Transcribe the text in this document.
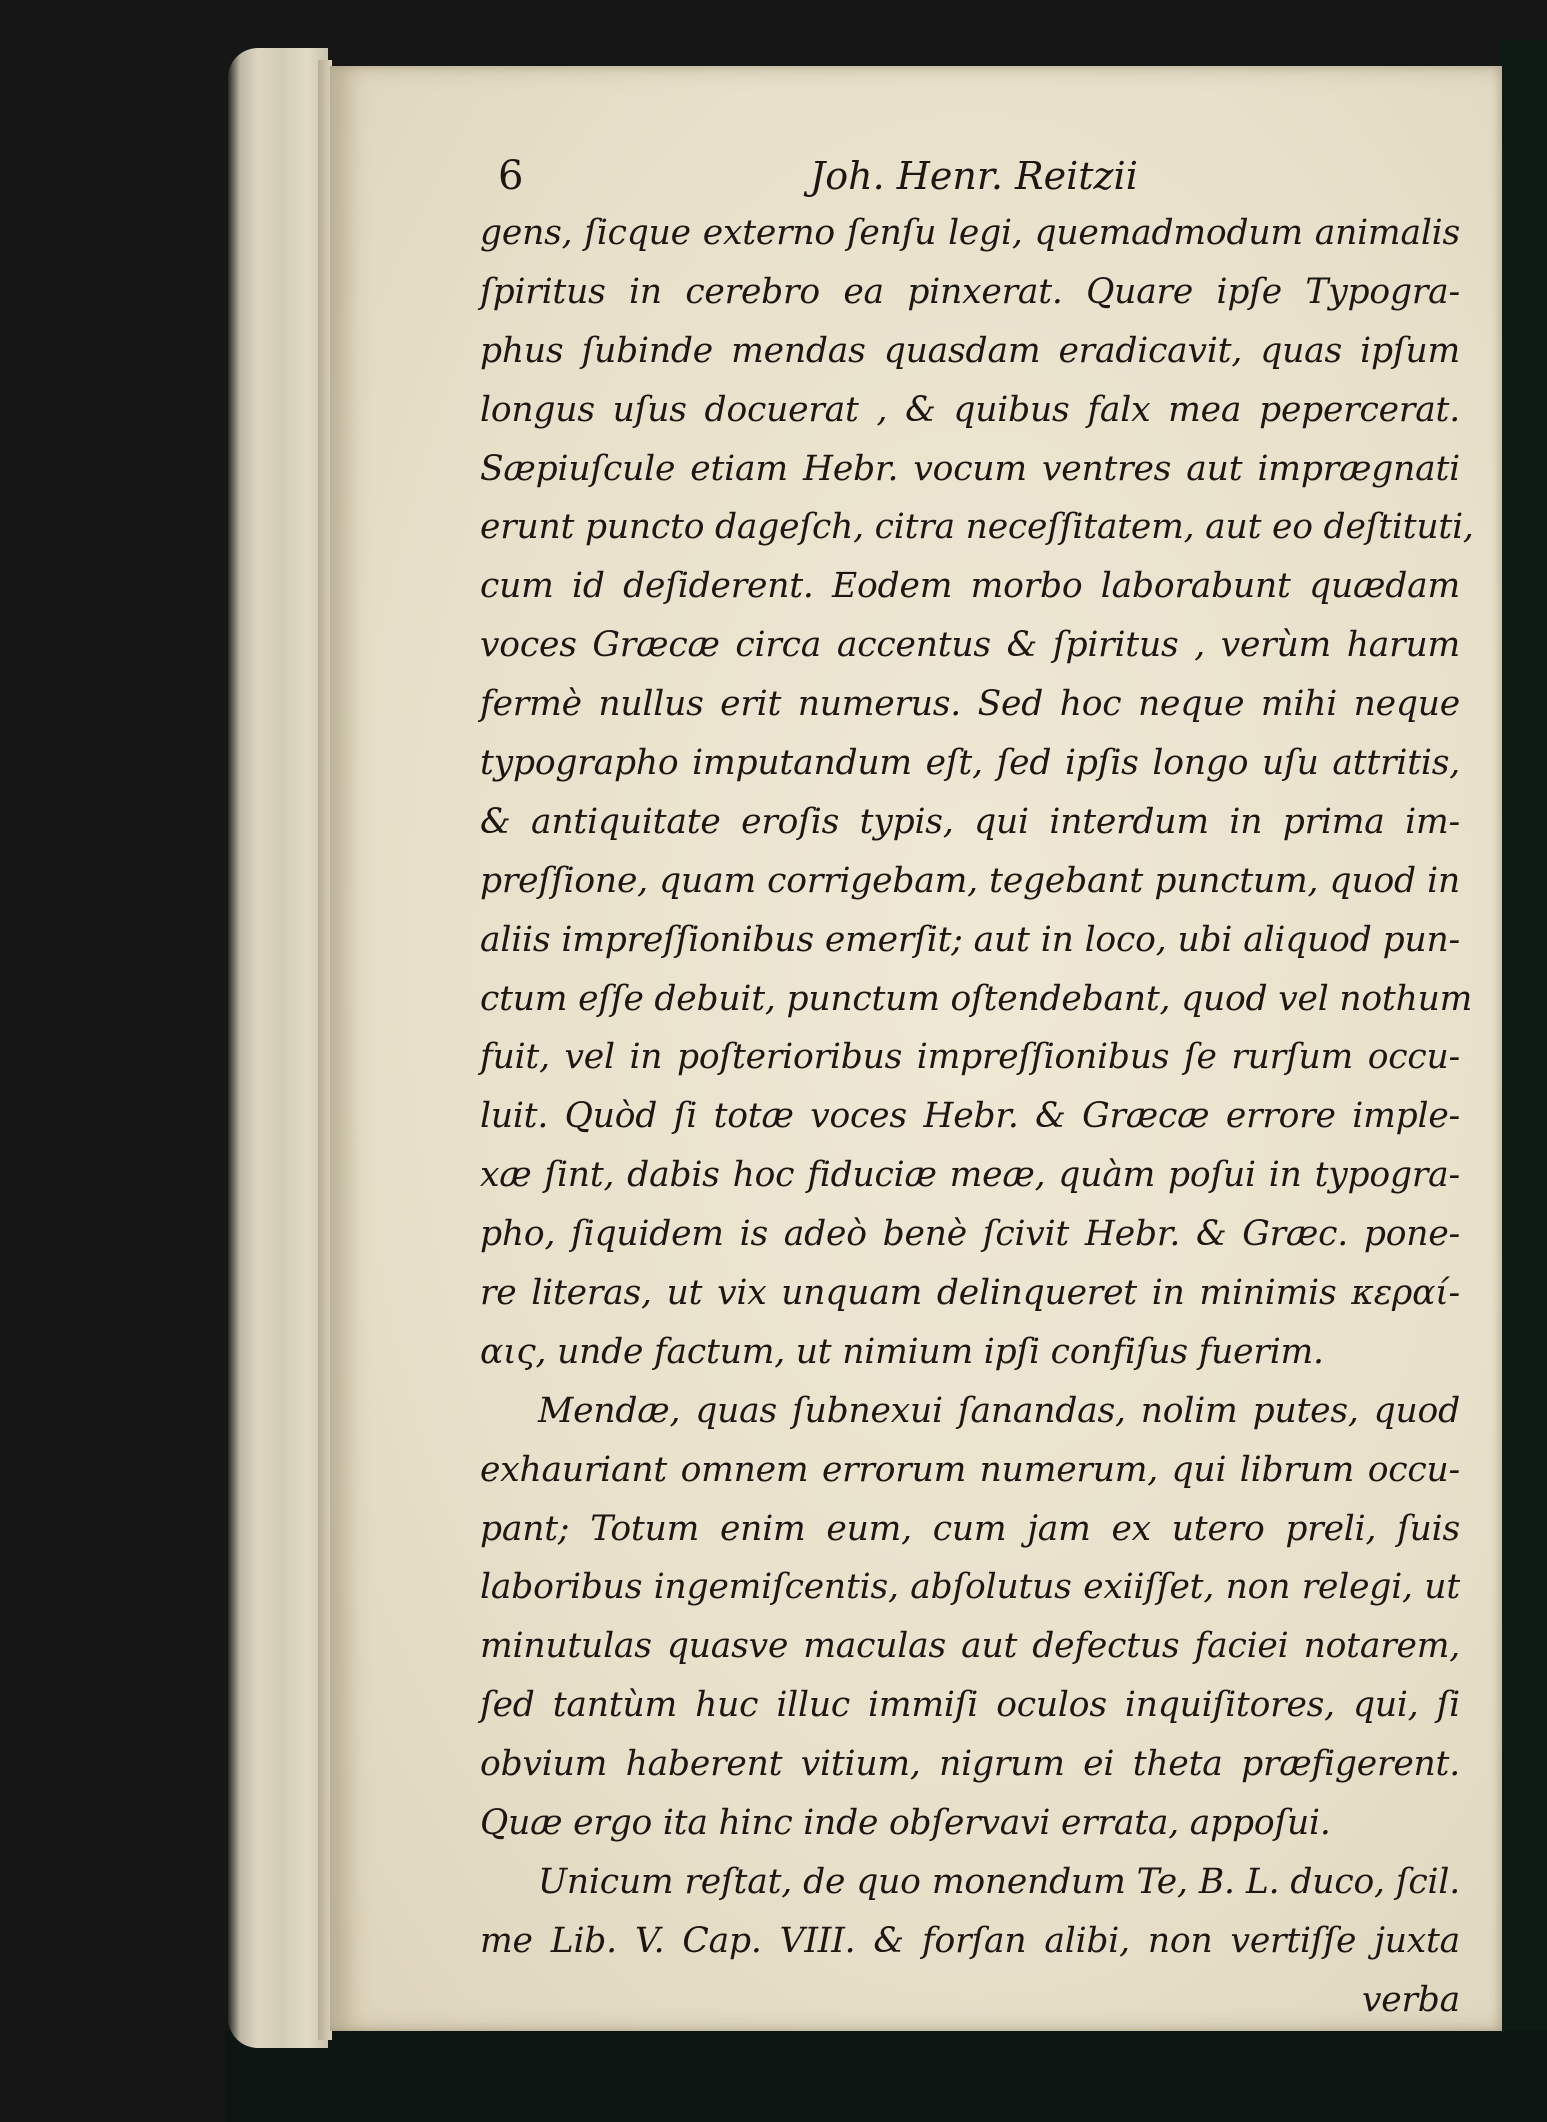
6	Joh. Henr. Reitzii
gens, ſicque externo ſenſu legi, quemadmodum animalis
ſpiritus in cerebro ea pinxerat. Quare ipſe Typogra-
phus ſubinde mendas quasdam eradicavit, quas ipſum
longus uſus docuerat , & quibus falx mea pepercerat.
Sæpiuſcule etiam Hebr. vocum ventres aut imprægnati
erunt puncto dageſch, citra neceſſitatem, aut eo deſtituti,
cum id deſiderent. Eodem morbo laborabunt quædam
voces Græcæ circa accentus & ſpiritus , verùm harum
fermè nullus erit numerus. Sed hoc neque mihi neque
typographo imputandum eſt, ſed ipſis longo uſu attritis,
& antiquitate eroſis typis, qui interdum in prima im-
preſſione, quam corrigebam, tegebant punctum, quod in
aliis impreſſionibus emerſit; aut in loco, ubi aliquod pun-
ctum eſſe debuit, punctum oſtendebant, quod vel nothum
fuit, vel in poſterioribus impreſſionibus ſe rurſum occu-
luit. Quòd ſi totæ voces Hebr. & Græcæ errore imple-
xæ ſint, dabis hoc fiduciæ meæ, quàm poſui in typogra-
pho, ſiquidem is adeò benè ſcivit Hebr. & Græc. pone-
re literas, ut vix unquam delinqueret in minimis κεραί-
αις, unde factum, ut nimium ipſi confiſus fuerim.
Mendæ, quas ſubnexui ſanandas, nolim putes, quod
exhauriant omnem errorum numerum, qui librum occu-
pant; Totum enim eum, cum jam ex utero preli, ſuis
laboribus ingemiſcentis, abſolutus exiiſſet, non relegi, ut
minutulas quasve maculas aut defectus faciei notarem,
ſed tantùm huc illuc immiſi oculos inquiſitores, qui, ſi
obvium haberent vitium, nigrum ei theta præfigerent.
Quæ ergo ita hinc inde obſervavi errata, appoſui.
Unicum reſtat, de quo monendum Te, B. L. duco, ſcil.
me Lib. V. Cap. VIII. & forſan alibi, non vertiſſe juxta
verba
